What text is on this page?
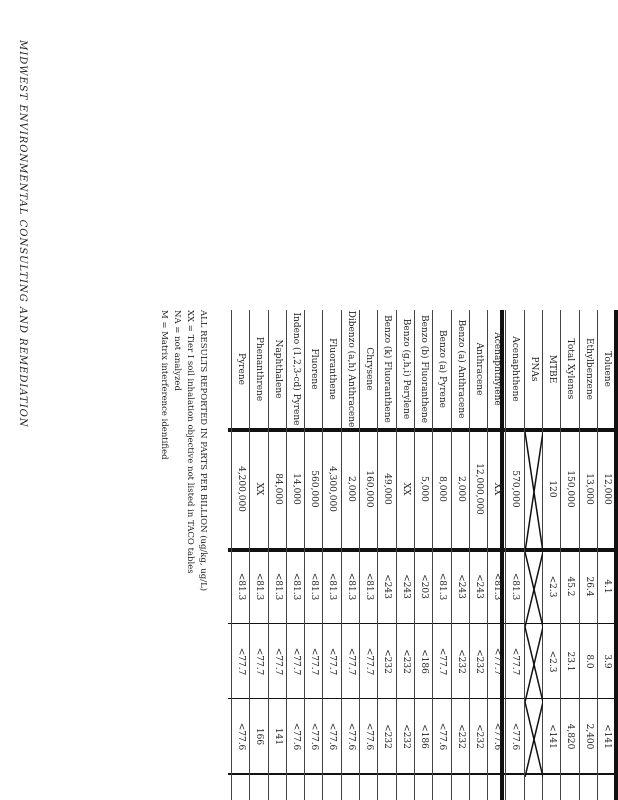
Toluene
12,000
4.1
3.9
<141
Ethylbenzene
13,000
26.4
8.0
2,400
Total Xylenes
150,000
45.2
23.1
4,820
MTBE
120
<2.3
<2.3
<141
PNAs
Acenaphthene
570,000
<81.3
<77.7
<77.6
Acenaphthylene
XX
<81.3
<77.7
<77.6
Anthracene
12,000,000
<243
<232
<232
Benzo (a) Anthracene
2,000
<243
<232
<232
Benzo (a) Pyrene
8,000
<81.3
<77.7
<77.6
Benzo (b) Fluoranthene
5,000
<203
<186
<186
Benzo (g,h,i) Perylene
XX
<243
<232
<232
Benzo (k) Fluoranthene
49,000
<243
<232
<232
Chrysene
160,000
<81.3
<77.7
<77.6
Dibenzo (a,h) Anthracene
2,000
<81.3
<77.7
<77.6
Fluoranthene
4,300,000
<81.3
<77.7
<77.6
Fluorene
560,000
<81.3
<77.7
<77.6
Indeno (1,2,3-cd) Pyrene
14,000
<81.3
<77.7
<77.6
Naphthalene
84,000
<81.3
<77.7
141
Phenanthrene
XX
<81.3
<77.7
166
Pyrene
4,200,000
<81.3
<77.7
<77.6
ALL RESULTS REPORTED IN PARTS PER BILLION (ug/kg, ug/L)
XX = Tier I soil inhalation objective not listed in TACO tables
NA = not analyzed
M = Matrix interference identified
MIDWEST ENVIRONMENTAL CONSULTING AND REMEDIATION
